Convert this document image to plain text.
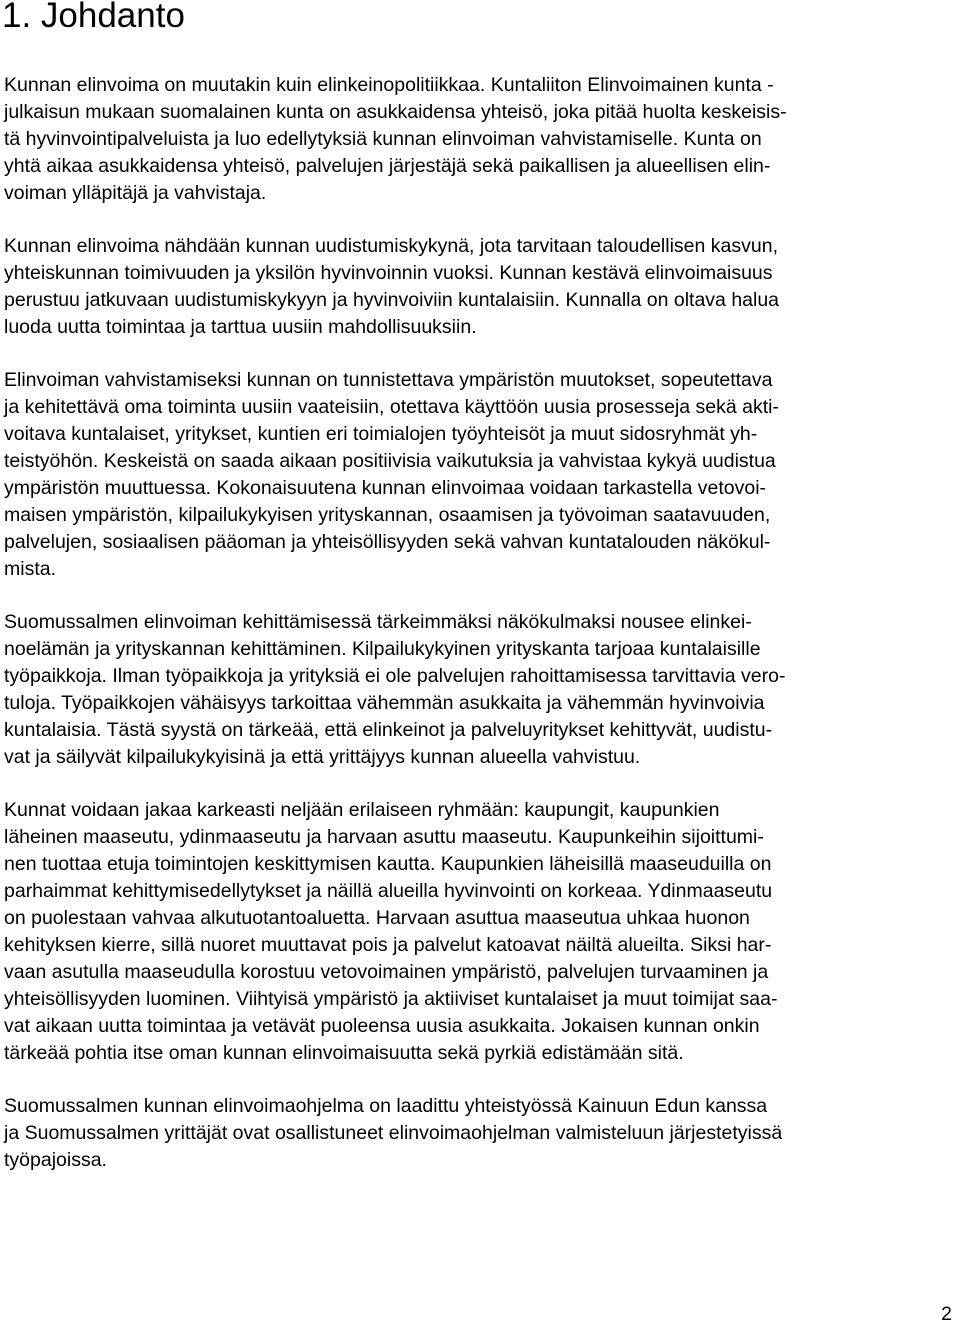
1. Johdanto

Kunnan elinvoima on muutakin kuin elinkeinopolitiikkaa. Kuntaliiton Elinvoimainen kunta -
julkaisun mukaan suomalainen kunta on asukkaidensa yhteisö, joka pitää huolta keskeisis-
tä hyvinvointipalveluista ja luo edellytyksiä kunnan elinvoiman vahvistamiselle. Kunta on
yhtä aikaa asukkaidensa yhteisö, palvelujen järjestäjä sekä paikallisen ja alueellisen elin-
voiman ylläpitäjä ja vahvistaja.

Kunnan elinvoima nähdään kunnan uudistumiskykynä, jota tarvitaan taloudellisen kasvun,
yhteiskunnan toimivuuden ja yksilön hyvinvoinnin vuoksi. Kunnan kestävä elinvoimaisuus
perustuu jatkuvaan uudistumiskykyyn ja hyvinvoiviin kuntalaisiin. Kunnalla on oltava halua
luoda uutta toimintaa ja tarttua uusiin mahdollisuuksiin.

Elinvoiman vahvistamiseksi kunnan on tunnistettava ympäristön muutokset, sopeutettava
ja kehitettävä oma toiminta uusiin vaateisiin, otettava käyttöön uusia prosesseja sekä akti-
voitava kuntalaiset, yritykset, kuntien eri toimialojen työyhteisöt ja muut sidosryhmät yh-
teistyöhön. Keskeistä on saada aikaan positiivisia vaikutuksia ja vahvistaa kykyä uudistua
ympäristön muuttuessa. Kokonaisuutena kunnan elinvoimaa voidaan tarkastella vetovoi-
maisen ympäristön, kilpailukykyisen yrityskannan, osaamisen ja työvoiman saatavuuden,
palvelujen, sosiaalisen pääoman ja yhteisöllisyyden sekä vahvan kuntatalouden näkökul-
mista.

Suomussalmen elinvoiman kehittämisessä tärkeimmäksi näkökulmaksi nousee elinkei-
noelämän ja yrityskannan kehittäminen. Kilpailukykyinen yrityskanta tarjoaa kuntalaisille
työpaikkoja. Ilman työpaikkoja ja yrityksiä ei ole palvelujen rahoittamisessa tarvittavia vero-
tuloja. Työpaikkojen vähäisyys tarkoittaa vähemmän asukkaita ja vähemmän hyvinvoivia
kuntalaisia. Tästä syystä on tärkeää, että elinkeinot ja palveluyritykset kehittyvät, uudistu-
vat ja säilyvät kilpailukykyisinä ja että yrittäjyys kunnan alueella vahvistuu.

Kunnat voidaan jakaa karkeasti neljään erilaiseen ryhmään: kaupungit, kaupunkien
läheinen maaseutu, ydinmaaseutu ja harvaan asuttu maaseutu. Kaupunkeihin sijoittumi-
nen tuottaa etuja toimintojen keskittymisen kautta. Kaupunkien läheisillä maaseuduilla on
parhaimmat kehittymisedellytykset ja näillä alueilla hyvinvointi on korkeaa. Ydinmaaseutu
on puolestaan vahvaa alkutuotantoaluetta. Harvaan asuttua maaseutua uhkaa huonon
kehityksen kierre, sillä nuoret muuttavat pois ja palvelut katoavat näiltä alueilta. Siksi har-
vaan asutulla maaseudulla korostuu vetovoimainen ympäristö, palvelujen turvaaminen ja
yhteisöllisyyden luominen. Viihtyisä ympäristö ja aktiiviset kuntalaiset ja muut toimijat saa-
vat aikaan uutta toimintaa ja vetävät puoleensa uusia asukkaita. Jokaisen kunnan onkin
tärkeää pohtia itse oman kunnan elinvoimaisuutta sekä pyrkiä edistämään sitä.

Suomussalmen kunnan elinvoimaohjelma on laadittu yhteistyössä Kainuun Edun kanssa
ja Suomussalmen yrittäjät ovat osallistuneet elinvoimaohjelman valmisteluun järjestetyissä
työpajoissa.

2
